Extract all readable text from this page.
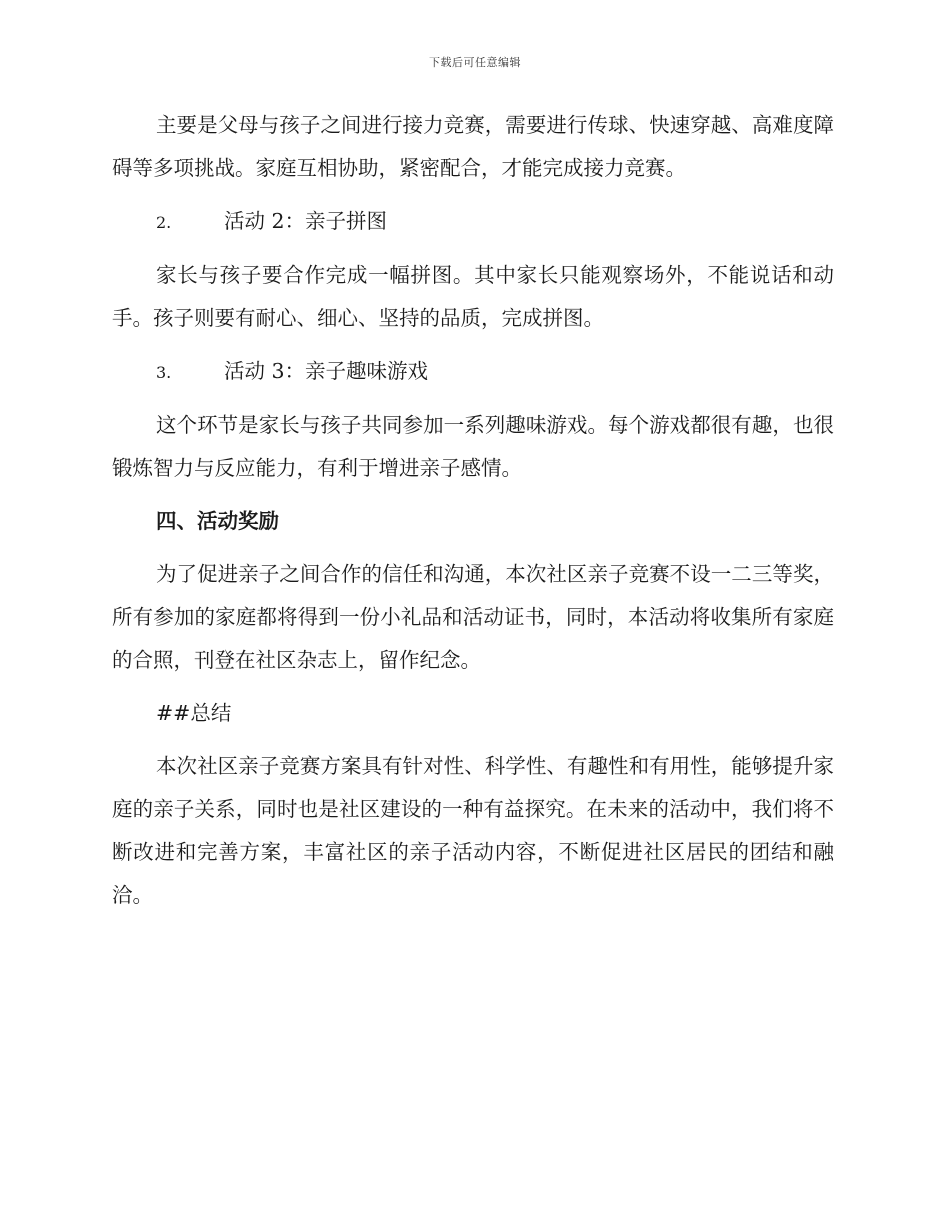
下载后可任意编辑

主要是父母与孩子之间进行接力竞赛，需要进行传球、快速穿越、高难度障碍等多项挑战。家庭互相协助，紧密配合，才能完成接力竞赛。

2.	活动 2：亲子拼图

家长与孩子要合作完成一幅拼图。其中家长只能观察场外，不能说话和动手。孩子则要有耐心、细心、坚持的品质，完成拼图。

3.	活动 3：亲子趣味游戏

这个环节是家长与孩子共同参加一系列趣味游戏。每个游戏都很有趣，也很锻炼智力与反应能力，有利于增进亲子感情。

四、活动奖励

为了促进亲子之间合作的信任和沟通，本次社区亲子竞赛不设一二三等奖，所有参加的家庭都将得到一份小礼品和活动证书，同时，本活动将收集所有家庭的合照，刊登在社区杂志上，留作纪念。

##总结

本次社区亲子竞赛方案具有针对性、科学性、有趣性和有用性，能够提升家庭的亲子关系，同时也是社区建设的一种有益探究。在未来的活动中，我们将不断改进和完善方案，丰富社区的亲子活动内容，不断促进社区居民的团结和融洽。
